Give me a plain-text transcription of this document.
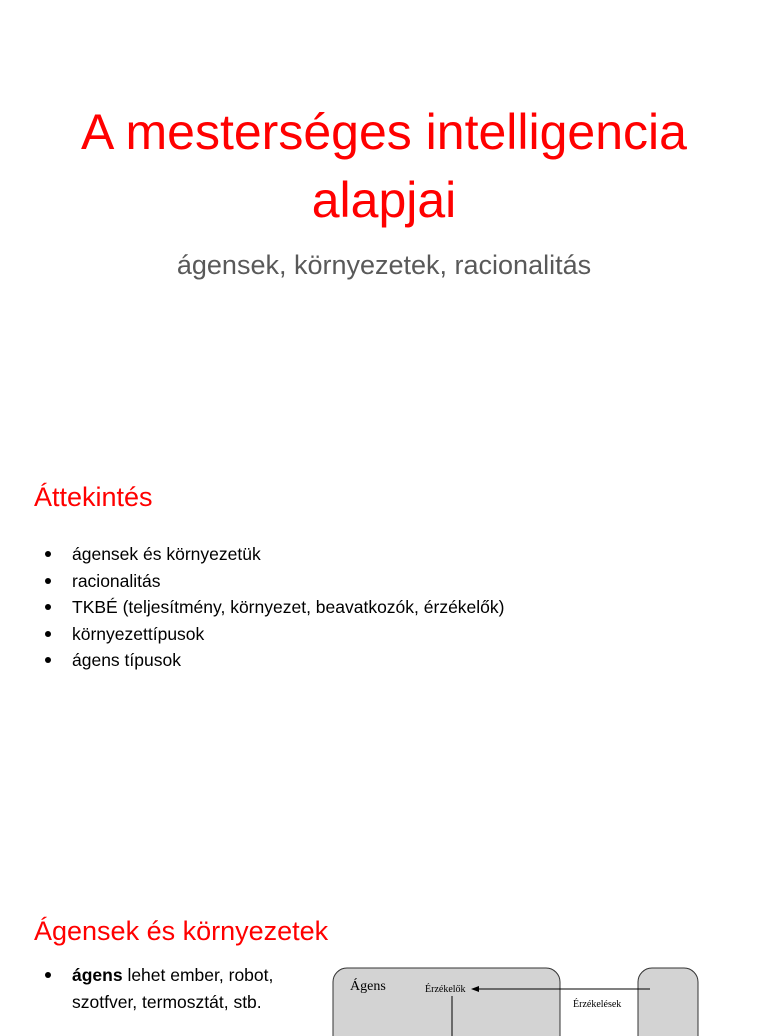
A mesterséges intelligencia
alapjai
ágensek, környezetek, racionalitás
Áttekintés
ágensek és környezetük
racionalitás
TKBÉ (teljesítmény, környezet, beavatkozók, érzékelők)
környezettípusok
ágens típusok
Ágensek és környezetek
ágens lehet ember, robot,
szotfver, termosztát, stb.
Ágens	Érzékelők
Érzékelések
